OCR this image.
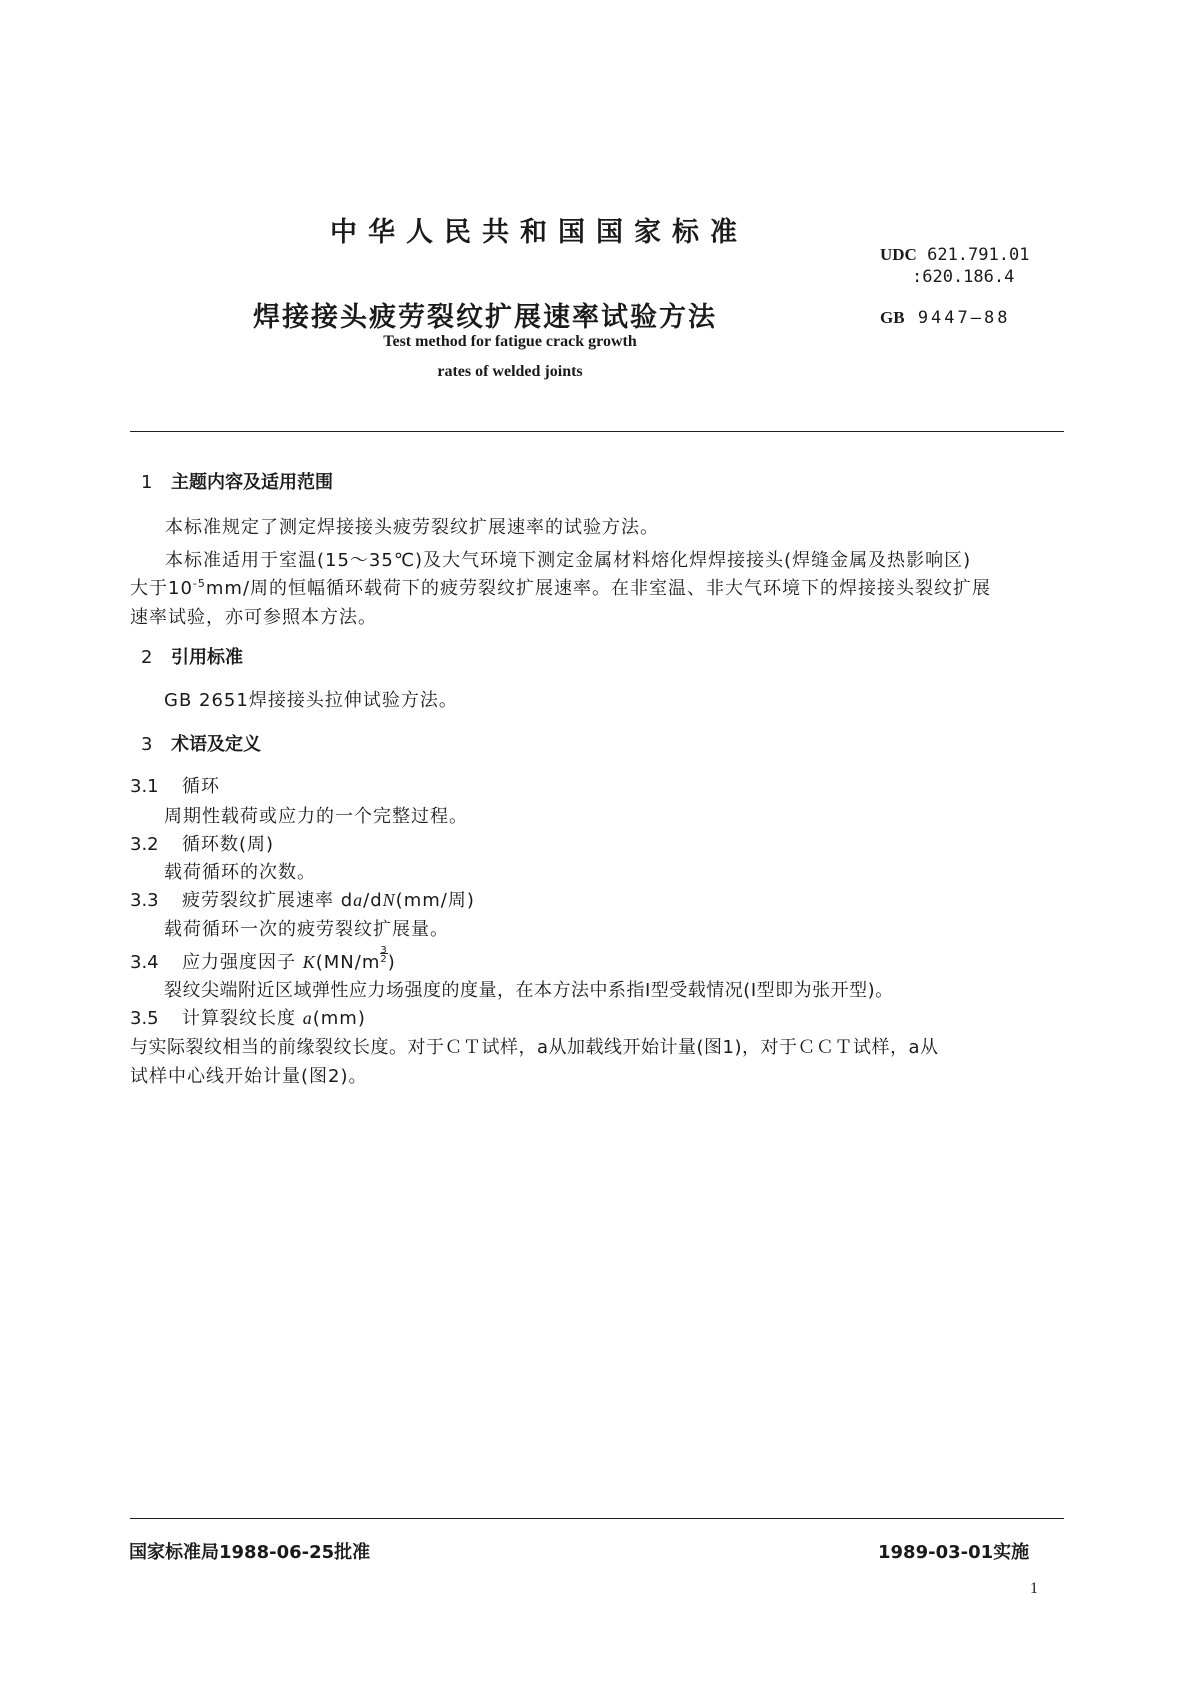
中华人民共和国国家标准
UDC 621.791.01
:620.186.4
焊接接头疲劳裂纹扩展速率试验方法	GB 9447—88
Test method for fatigue crack growth
rates of welded joints
1 主题内容及适用范围
本标准规定了测定焊接接头疲劳裂纹扩展速率的试验方法。
本标准适用于室温(15～35℃)及大气环境下测定金属材料熔化焊焊接接头(焊缝金属及热影响区)
大于$10^{-5}mm/$周的恒幅循环载荷下的疲劳裂纹扩展速率。在非室温、非大气环境下的焊接接头裂纹扩展
速率试验，亦可参照本方法。
2 引用标准
GB 2651焊接接头拉伸试验方法。
3 术语及定义
3.1 循环
周期性载荷或应力的一个完整过程。
3.2 循环数(周)
载荷循环的次数。
3.3 疲劳裂纹扩展速率 da/dN(mm/周)
载荷循环一次的疲劳裂纹扩展量。
3.4 应力强度因子 K(MN/m3
2)
裂纹尖端附近区域弹性应力场强度的度量，在本方法中系指Ⅰ型受载情况(Ⅰ型即为张开型)。
3.5 计算裂纹长度 a(mm)
与实际裂纹相当的前缘裂纹长度。对于ＣＴ试样，a从加载线开始计量(图1)，对于ＣＣＴ试样，a从
试样中心线开始计量(图2)。
国家标准局1988-06-25批准	1989-03-01实施
1
